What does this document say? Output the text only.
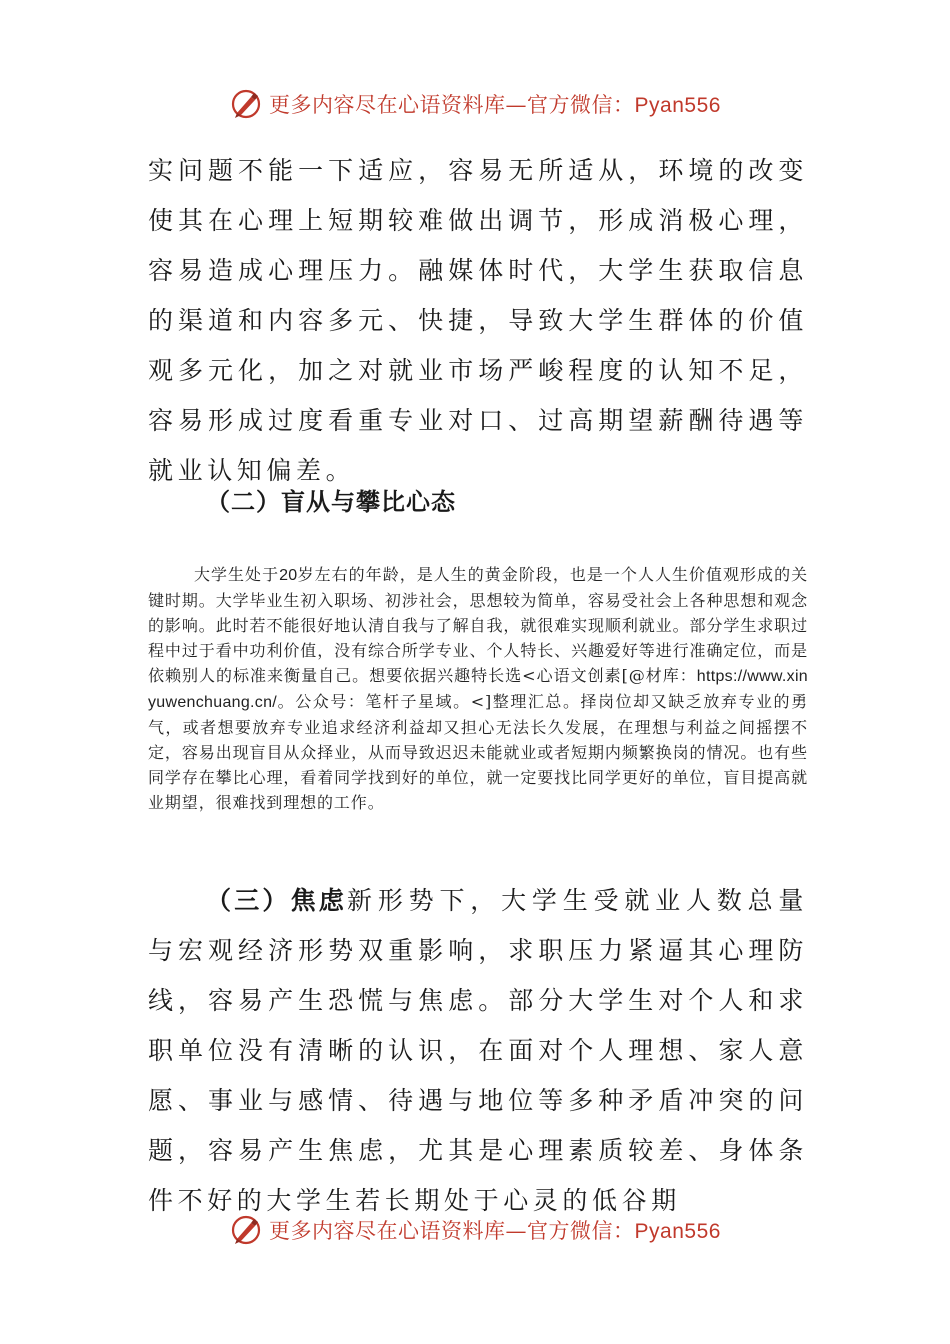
更多内容尽在心语资料库—官方微信：Pyan556

实问题不能一下适应，容易无所适从，环境的改变使其在心理上短期较难做出调节，形成消极心理，容易造成心理压力。融媒体时代，大学生获取信息的渠道和内容多元、快捷，导致大学生群体的价值观多元化，加之对就业市场严峻程度的认知不足，容易形成过度看重专业对口、过高期望薪酬待遇等就业认知偏差。

（二）盲从与攀比心态

大学生处于20岁左右的年龄，是人生的黄金阶段，也是一个人人生价值观形成的关键时期。大学毕业生初入职场、初涉社会，思想较为简单，容易受社会上各种思想和观念的影响。此时若不能很好地认清自我与了解自我，就很难实现顺利就业。部分学生求职过程中过于看中功利价值，没有综合所学专业、个人特长、兴趣爱好等进行准确定位，而是依赖别人的标准来衡量自己。想要依据兴趣特长选<心语文创素[@材库：https://www.xinyuwenchuang.cn/。公众号：笔杆子星域。<]整理汇总。择岗位却又缺乏放弃专业的勇气，或者想要放弃专业追求经济利益却又担心无法长久发展，在理想与利益之间摇摆不定，容易出现盲目从众择业，从而导致迟迟未能就业或者短期内频繁换岗的情况。也有些同学存在攀比心理，看着同学找到好的单位，就一定要找比同学更好的单位，盲目提高就业期望，很难找到理想的工作。

（三）焦虑新形势下，大学生受就业人数总量与宏观经济形势双重影响，求职压力紧逼其心理防线，容易产生恐慌与焦虑。部分大学生对个人和求职单位没有清晰的认识，在面对个人理想、家人意愿、事业与感情、待遇与地位等多种矛盾冲突的问题，容易产生焦虑，尤其是心理素质较差、身体条件不好的大学生若长期处于心灵的低谷期

更多内容尽在心语资料库—官方微信：Pyan556
